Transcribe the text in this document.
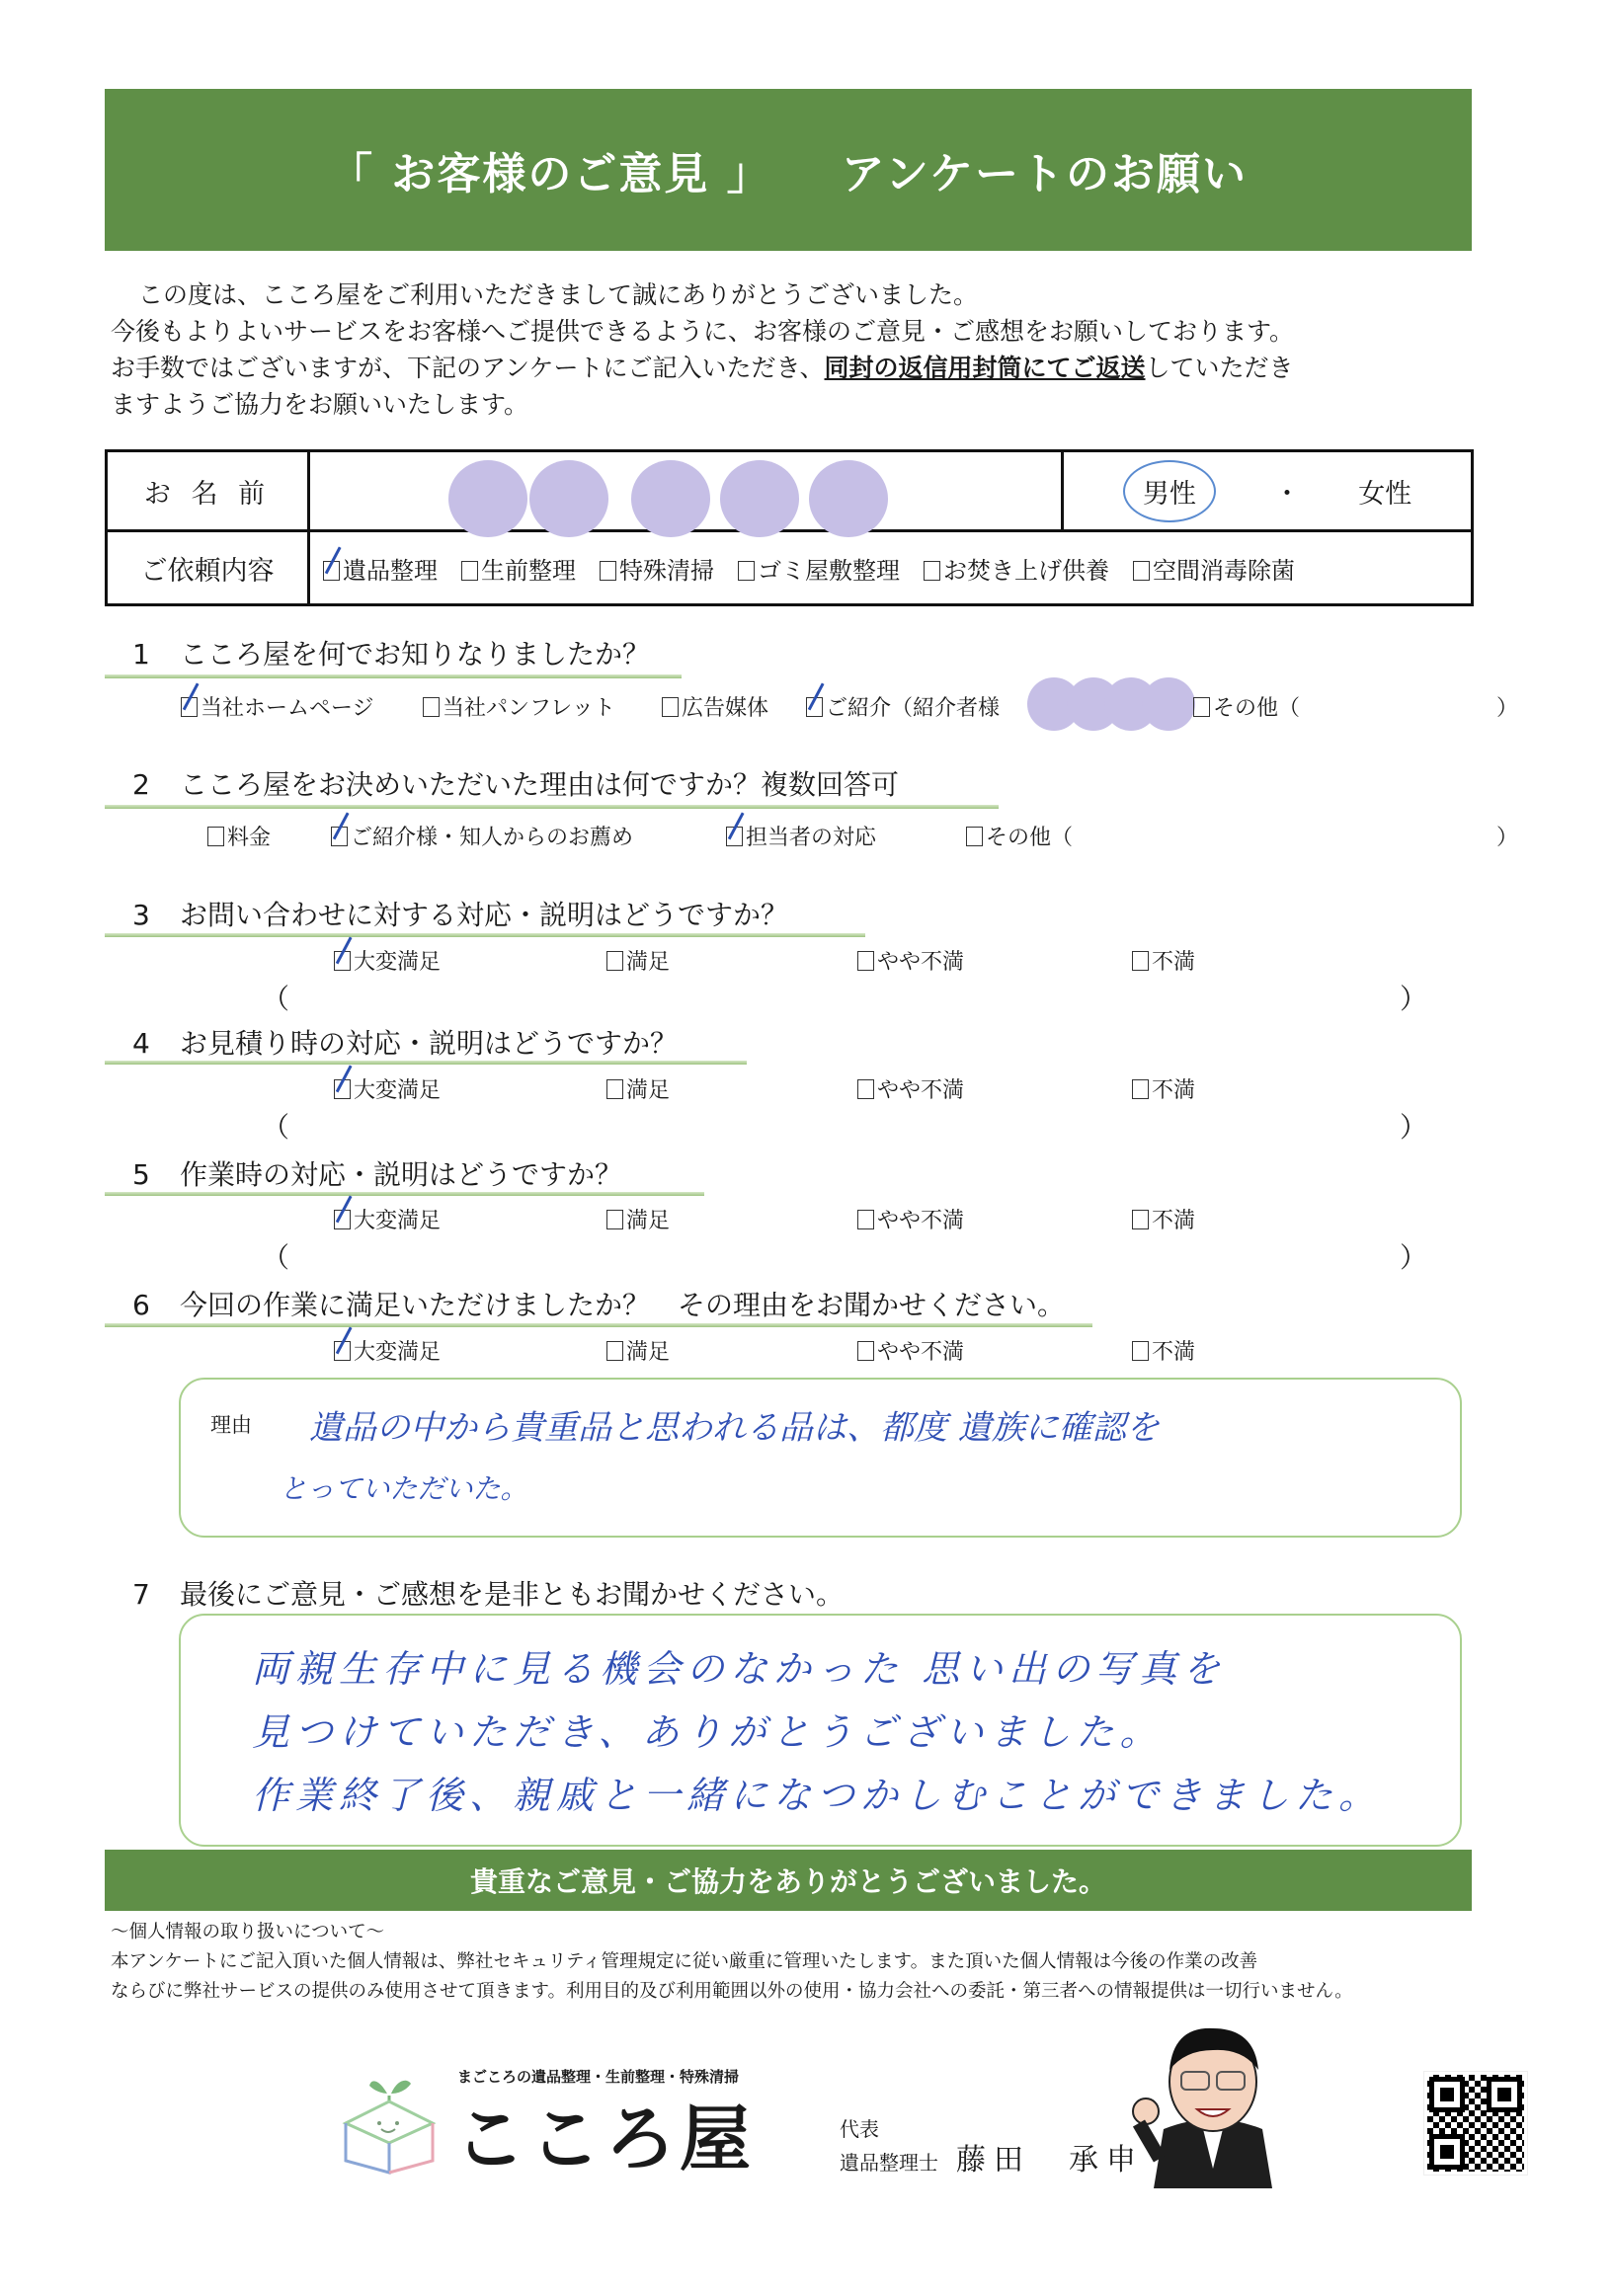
「 お客様のご意見 」 アンケートのお願い
この度は、こころ屋をご利用いただきまして誠にありがとうございました。
今後もよりよいサービスをお客様へご提供できるように、お客様のご意見・ご感想をお願いしております。
お手数ではございますが、下記のアンケートにご記入いただき、同封の返信用封筒にてご返送していただき
ますようご協力をお願いいたします。
お 名 前		男性 ・ 女性
ご依頼内容	遺品整理	生前整理	特殊清掃	ゴミ屋敷整理	お焚き上げ供養	空間消毒除菌
1 こころ屋を何でお知りなりましたか？
当社ホームページ	当社パンフレット	広告媒体	ご紹介（紹介者様	その他（	）
2 こころ屋をお決めいただいた理由は何ですか？複数回答可
料金	ご紹介様・知人からのお薦め	担当者の対応	その他（	）
3 お問い合わせに対する対応・説明はどうですか？
大変満足	満足	やや不満	不満
（	）
4 お見積り時の対応・説明はどうですか？
大変満足	満足	やや不満	不満
（	）
5 作業時の対応・説明はどうですか？
大変満足	満足	やや不満	不満
（	）
6 今回の作業に満足いただけましたか？　その理由をお聞かせください。
大変満足	満足	やや不満	不満
理由 遺品の中から貴重品と思われる品は、都度 遺族に確認を
とっていただいた。
7 最後にご意見・ご感想を是非ともお聞かせください。
両親生存中に見る機会のなかった 思い出の写真を
見つけていただき、ありがとうございました。
作業終了後、親戚と一緒になつかしむことができました。
貴重なご意見・ご協力をありがとうございました。
～個人情報の取り扱いについて～
本アンケートにご記入頂いた個人情報は、弊社セキュリティ管理規定に従い厳重に管理いたします。また頂いた個人情報は今後の作業の改善
ならびに弊社サービスの提供のみ使用させて頂きます。利用目的及び利用範囲以外の使用・協力会社への委託・第三者への情報提供は一切行いません。
まごころの遺品整理・生前整理・特殊清掃
こころ屋	代表
遺品整理士 藤田　承申
